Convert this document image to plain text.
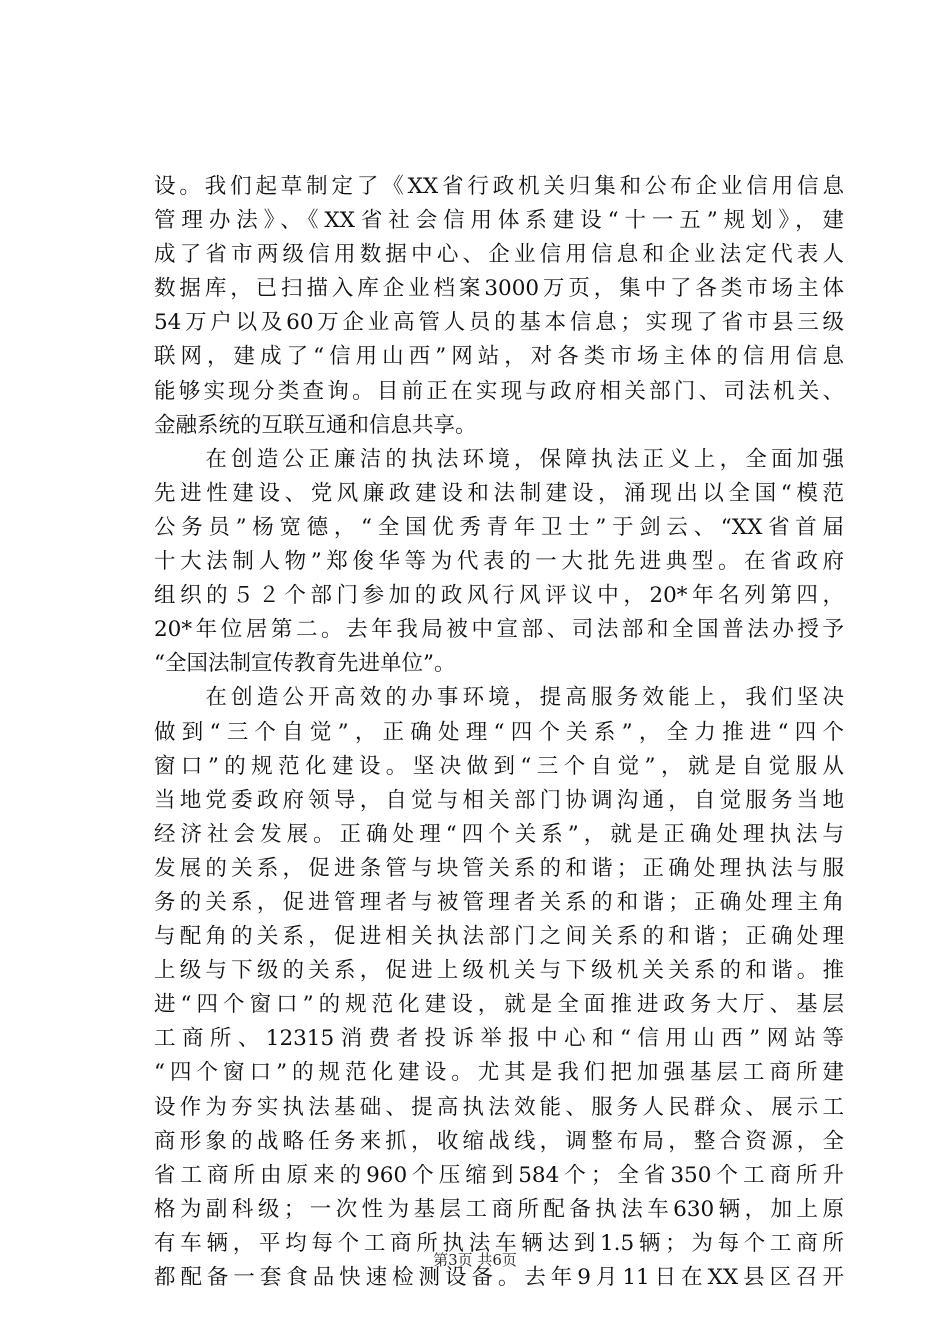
设。我们起草制定了《XX省行政机关归集和公布企业信用信息
管理办法》、《XX省社会信用体系建设“十一五”规划》，建
成了省市两级信用数据中心、企业信用信息和企业法定代表人
数据库，已扫描入库企业档案3000万页，集中了各类市场主体
54万户以及60万企业高管人员的基本信息；实现了省市县三级
联网，建成了“信用山西”网站，对各类市场主体的信用信息
能够实现分类查询。目前正在实现与政府相关部门、司法机关、
金融系统的互联互通和信息共享。
　　在创造公正廉洁的执法环境，保障执法正义上，全面加强
先进性建设、党风廉政建设和法制建设，涌现出以全国“模范
公务员”杨宽德，“全国优秀青年卫士”于剑云、“XX省首届
十大法制人物”郑俊华等为代表的一大批先进典型。在省政府
组织的５２个部门参加的政风行风评议中，20*年名列第四，
20*年位居第二。去年我局被中宣部、司法部和全国普法办授予
“全国法制宣传教育先进单位”。
　　在创造公开高效的办事环境，提高服务效能上，我们坚决
做到“三个自觉”，正确处理“四个关系”，全力推进“四个
窗口”的规范化建设。坚决做到“三个自觉”，就是自觉服从
当地党委政府领导，自觉与相关部门协调沟通，自觉服务当地
经济社会发展。正确处理“四个关系”，就是正确处理执法与
发展的关系，促进条管与块管关系的和谐；正确处理执法与服
务的关系，促进管理者与被管理者关系的和谐；正确处理主角
与配角的关系，促进相关执法部门之间关系的和谐；正确处理
上级与下级的关系，促进上级机关与下级机关关系的和谐。推
进“四个窗口”的规范化建设，就是全面推进政务大厅、基层
工商所、12315消费者投诉举报中心和“信用山西”网站等
“四个窗口”的规范化建设。尤其是我们把加强基层工商所建
设作为夯实执法基础、提高执法效能、服务人民群众、展示工
商形象的战略任务来抓，收缩战线，调整布局，整合资源，全
省工商所由原来的960个压缩到584个；全省350个工商所升
格为副科级；一次性为基层工商所配备执法车630辆，加上原
有车辆，平均每个工商所执法车辆达到1.5辆；为每个工商所
都配备一套食品快速检测设备。去年9月11日在XX县区召开
第3页 共6页
